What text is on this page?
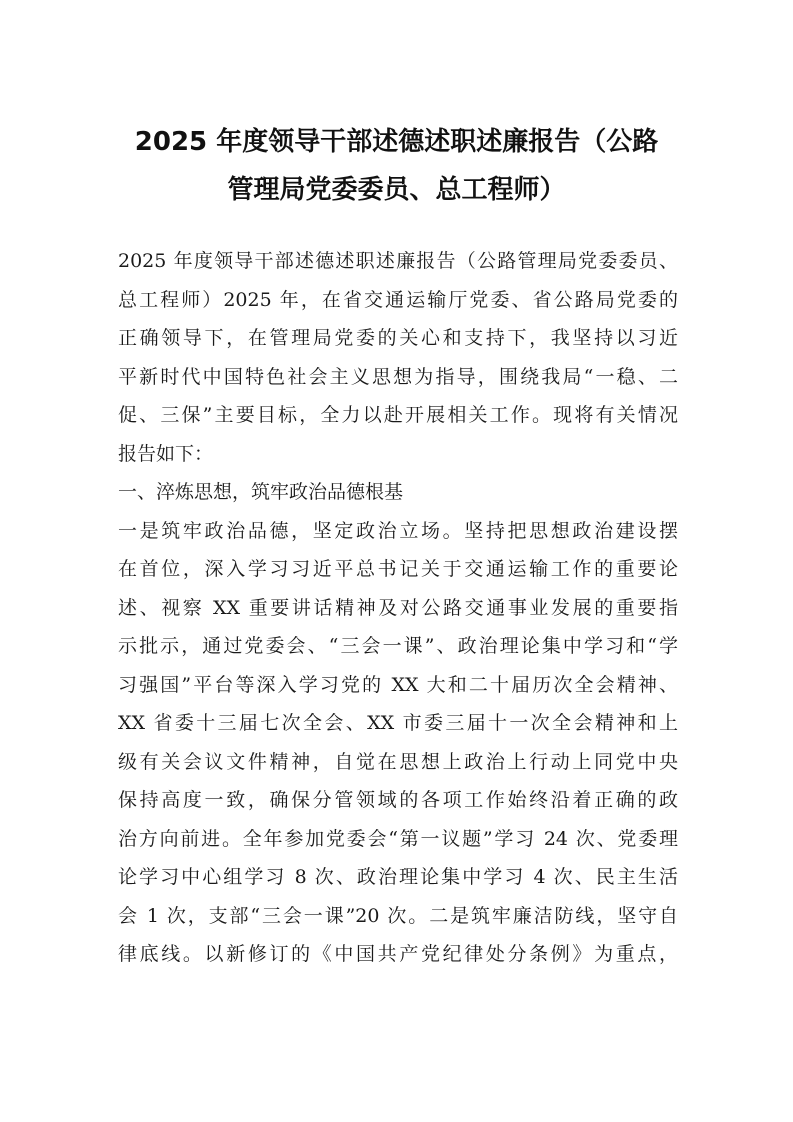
2025 年度领导干部述德述职述廉报告（公路
管理局党委委员、总工程师）
2025 年度领导干部述德述职述廉报告（公路管理局党委委员、
总工程师）2025 年，在省交通运输厅党委、省公路局党委的
正确领导下，在管理局党委的关心和支持下，我坚持以习近
平新时代中国特色社会主义思想为指导，围绕我局“一稳、二
促、三保”主要目标，全力以赴开展相关工作。现将有关情况
报告如下：
一、淬炼思想，筑牢政治品德根基
一是筑牢政治品德，坚定政治立场。坚持把思想政治建设摆
在首位，深入学习习近平总书记关于交通运输工作的重要论
述、视察 XX 重要讲话精神及对公路交通事业发展的重要指
示批示，通过党委会、“三会一课”、政治理论集中学习和“学
习强国”平台等深入学习党的 XX 大和二十届历次全会精神、
XX 省委十三届七次全会、XX 市委三届十一次全会精神和上
级有关会议文件精神，自觉在思想上政治上行动上同党中央
保持高度一致，确保分管领域的各项工作始终沿着正确的政
治方向前进。全年参加党委会“第一议题”学习 24 次、党委理
论学习中心组学习 8 次、政治理论集中学习 4 次、民主生活
会 1 次，支部“三会一课”20 次。二是筑牢廉洁防线，坚守自
律底线。以新修订的《中国共产党纪律处分条例》为重点，
